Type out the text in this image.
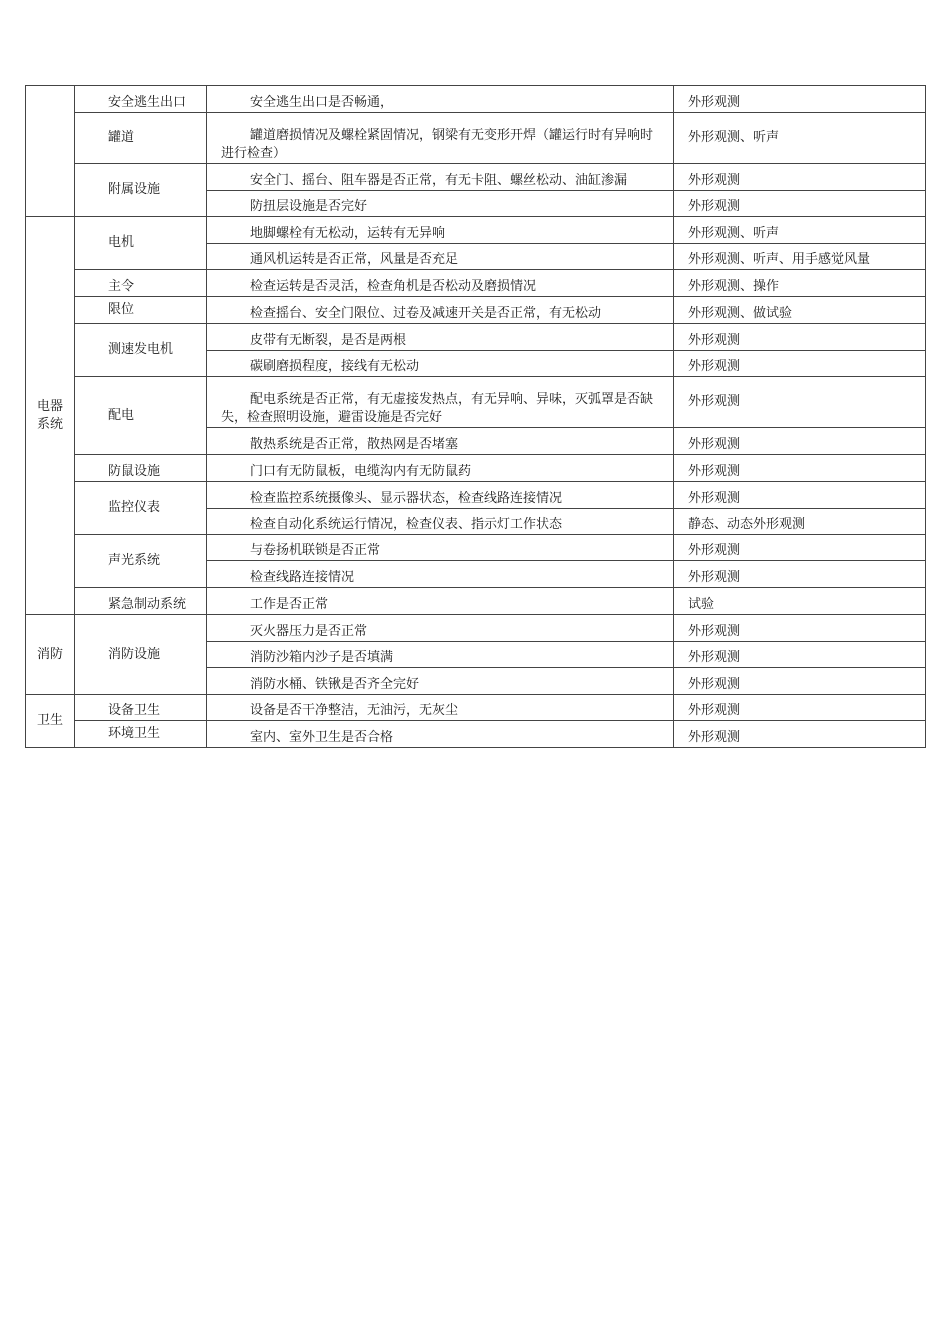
	安全逃生出口	安全逃生出口是否畅通，	外形观测
	罐道	罐道磨损情况及螺栓紧固情况，钢梁有无变形开焊（罐运行时有异响时进行检查）	外形观测、听声
	附属设施	安全门、摇台、阻车器是否正常，有无卡阻、螺丝松动、油缸渗漏	外形观测

		防扭层设施是否完好	外形观测

电器
系统	电机	地脚螺栓有无松动，运转有无异响	外形观测、听声

		通风机运转是否正常，风量是否充足	外形观测、听声、用手感觉风量
	主令	检查运转是否灵活，检查角机是否松动及磨损情况	外形观测、操作
	限位	检查摇台、安全门限位、过卷及减速开关是否正常，有无松动	外形观测、做试验
	测速发电机	皮带有无断裂，是否是两根	外形观测

		碳刷磨损程度，接线有无松动	外形观测
	配电	配电系统是否正常，有无虚接发热点，有无异响、异味，灭弧罩是否缺失，检查照明设施，避雷设施是否完好	外形观测

		散热系统是否正常，散热网是否堵塞	外形观测
	防鼠设施	门口有无防鼠板，电缆沟内有无防鼠药	外形观测
	监控仪表	检查监控系统摄像头、显示器状态，检查线路连接情况	外形观测

		检查自动化系统运行情况，检查仪表、指示灯工作状态	静态、动态外形观测
	声光系统	与卷扬机联锁是否正常	外形观测

		检查线路连接情况	外形观测
	紧急制动系统	工作是否正常	试验
消防	消防设施	灭火器压力是否正常	外形观测

		消防沙箱内沙子是否填满	外形观测

		消防水桶、铁锹是否齐全完好	外形观测
卫生	设备卫生	设备是否干净整洁，无油污，无灰尘	外形观测
	环境卫生	室内、室外卫生是否合格	外形观测
